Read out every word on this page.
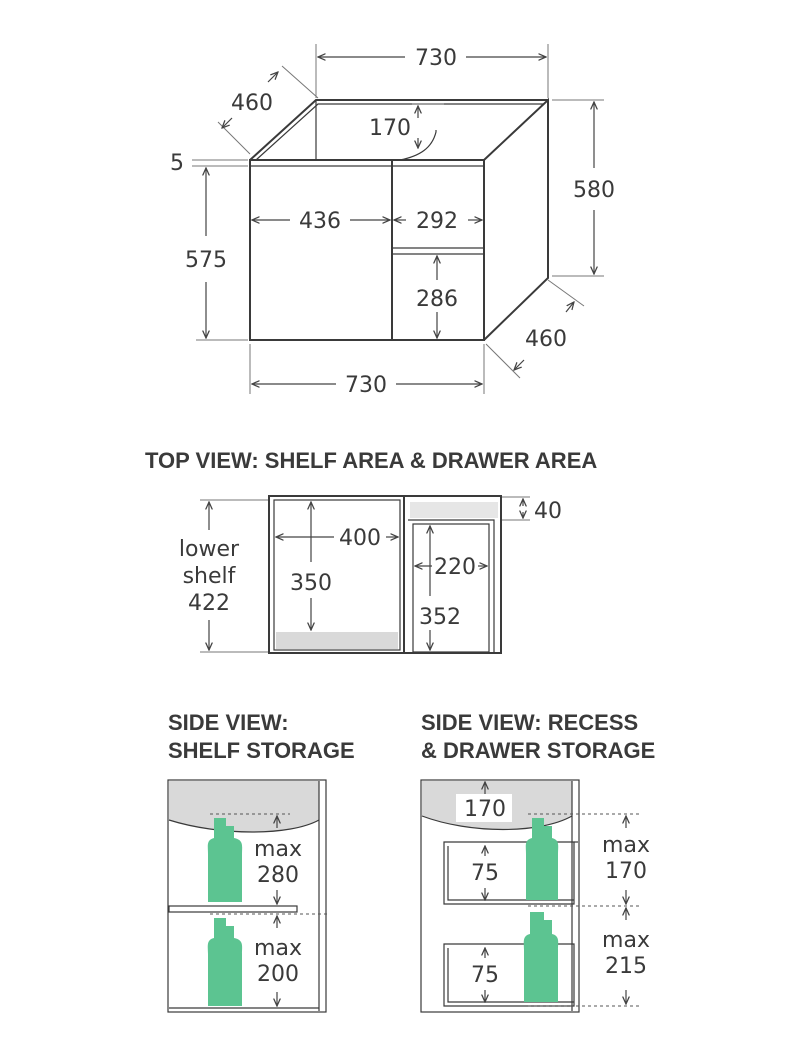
730
460
170
5
575
580
436	292
286
460
730
TOP VIEW: SHELF AREA & DRAWER AREA
lower
shelf
422
400
350
220
352
40
SIDE VIEW:
SHELF STORAGE
max
280
max
200
SIDE VIEW: RECESS
& DRAWER STORAGE
170
75
75
max
170
max
215
